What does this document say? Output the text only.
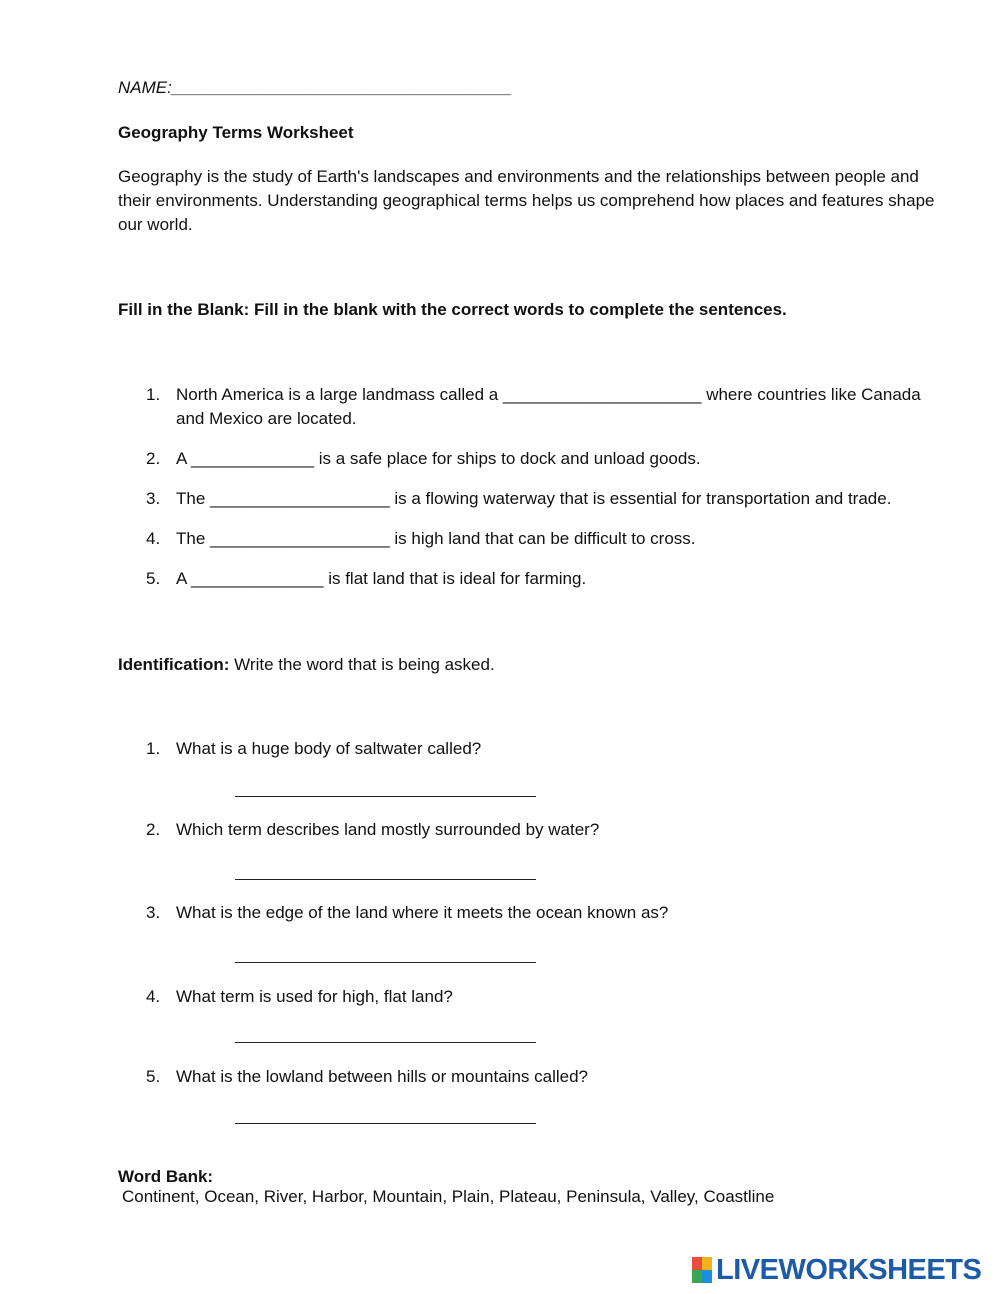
NAME:____________________________________
Geography Terms Worksheet
Geography is the study of Earth's landscapes and environments and the relationships between people and their environments. Understanding geographical terms helps us comprehend how places and features shape our world.
Fill in the Blank: Fill in the blank with the correct words to complete the sentences.
1. North America is a large landmass called a _____________________ where countries like Canada and Mexico are located.
2. A _____________ is a safe place for ships to dock and unload goods.
3. The ___________________ is a flowing waterway that is essential for transportation and trade.
4. The ___________________ is high land that can be difficult to cross.
5. A ______________ is flat land that is ideal for farming.
Identification: Write the word that is being asked.
1. What is a huge body of saltwater called?
2. Which term describes land mostly surrounded by water?
3. What is the edge of the land where it meets the ocean known as?
4. What term is used for high, flat land?
5. What is the lowland between hills or mountains called?
Word Bank:
Continent, Ocean, River, Harbor, Mountain, Plain, Plateau, Peninsula, Valley, Coastline
LIVEWORKSHEETS
